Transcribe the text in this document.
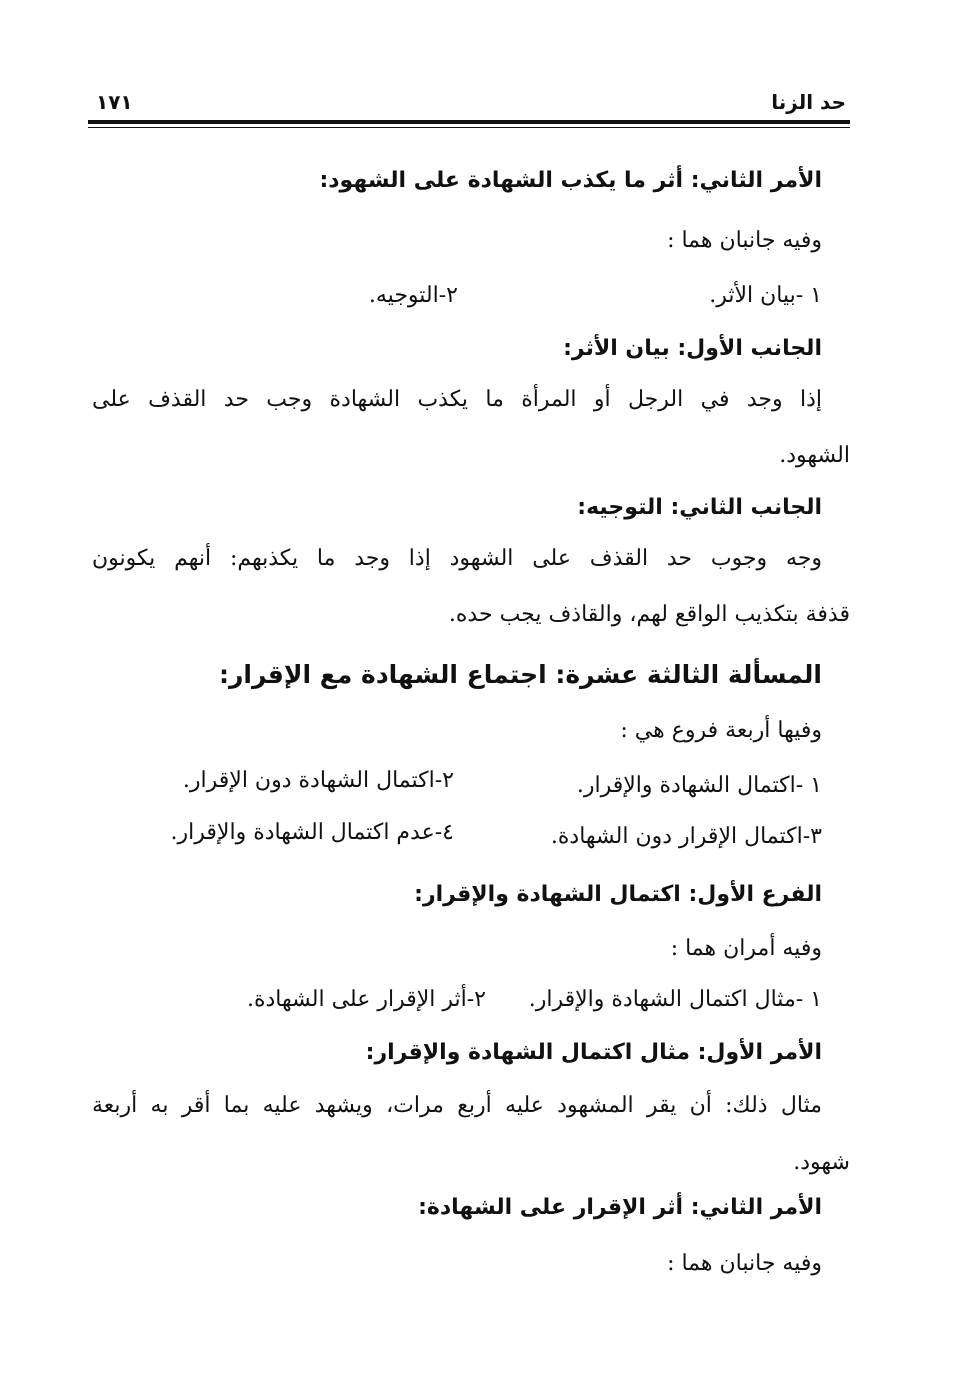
حد الزنا
١٧١
الأمر الثاني: أثر ما يكذب الشهادة على الشهود:
وفيه جانبان هما :
١ -بيان الأثر.
٢-التوجيه.
الجانب الأول: بيان الأثر:
إذا وجد في الرجل أو المرأة ما يكذب الشهادة وجب حد القذف على
الشهود.
الجانب الثاني: التوجيه:
وجه وجوب حد القذف على الشهود إذا وجد ما يكذبهم: أنهم يكونون
قذفة بتكذيب الواقع لهم، والقاذف يجب حده.
المسألة الثالثة عشرة: اجتماع الشهادة مع الإقرار:
وفيها أربعة فروع هي :
١ -اكتمال الشهادة والإقرار.
٢-اكتمال الشهادة دون الإقرار.
٣-اكتمال الإقرار دون الشهادة.
٤-عدم اكتمال الشهادة والإقرار.
الفرع الأول: اكتمال الشهادة والإقرار:
وفيه أمران هما :
١ -مثال اكتمال الشهادة والإقرار.
٢-أثر الإقرار على الشهادة.
الأمر الأول: مثال اكتمال الشهادة والإقرار:
مثال ذلك: أن يقر المشهود عليه أربع مرات، ويشهد عليه بما أقر به أربعة
شهود.
الأمر الثاني: أثر الإقرار على الشهادة:
وفيه جانبان هما :
